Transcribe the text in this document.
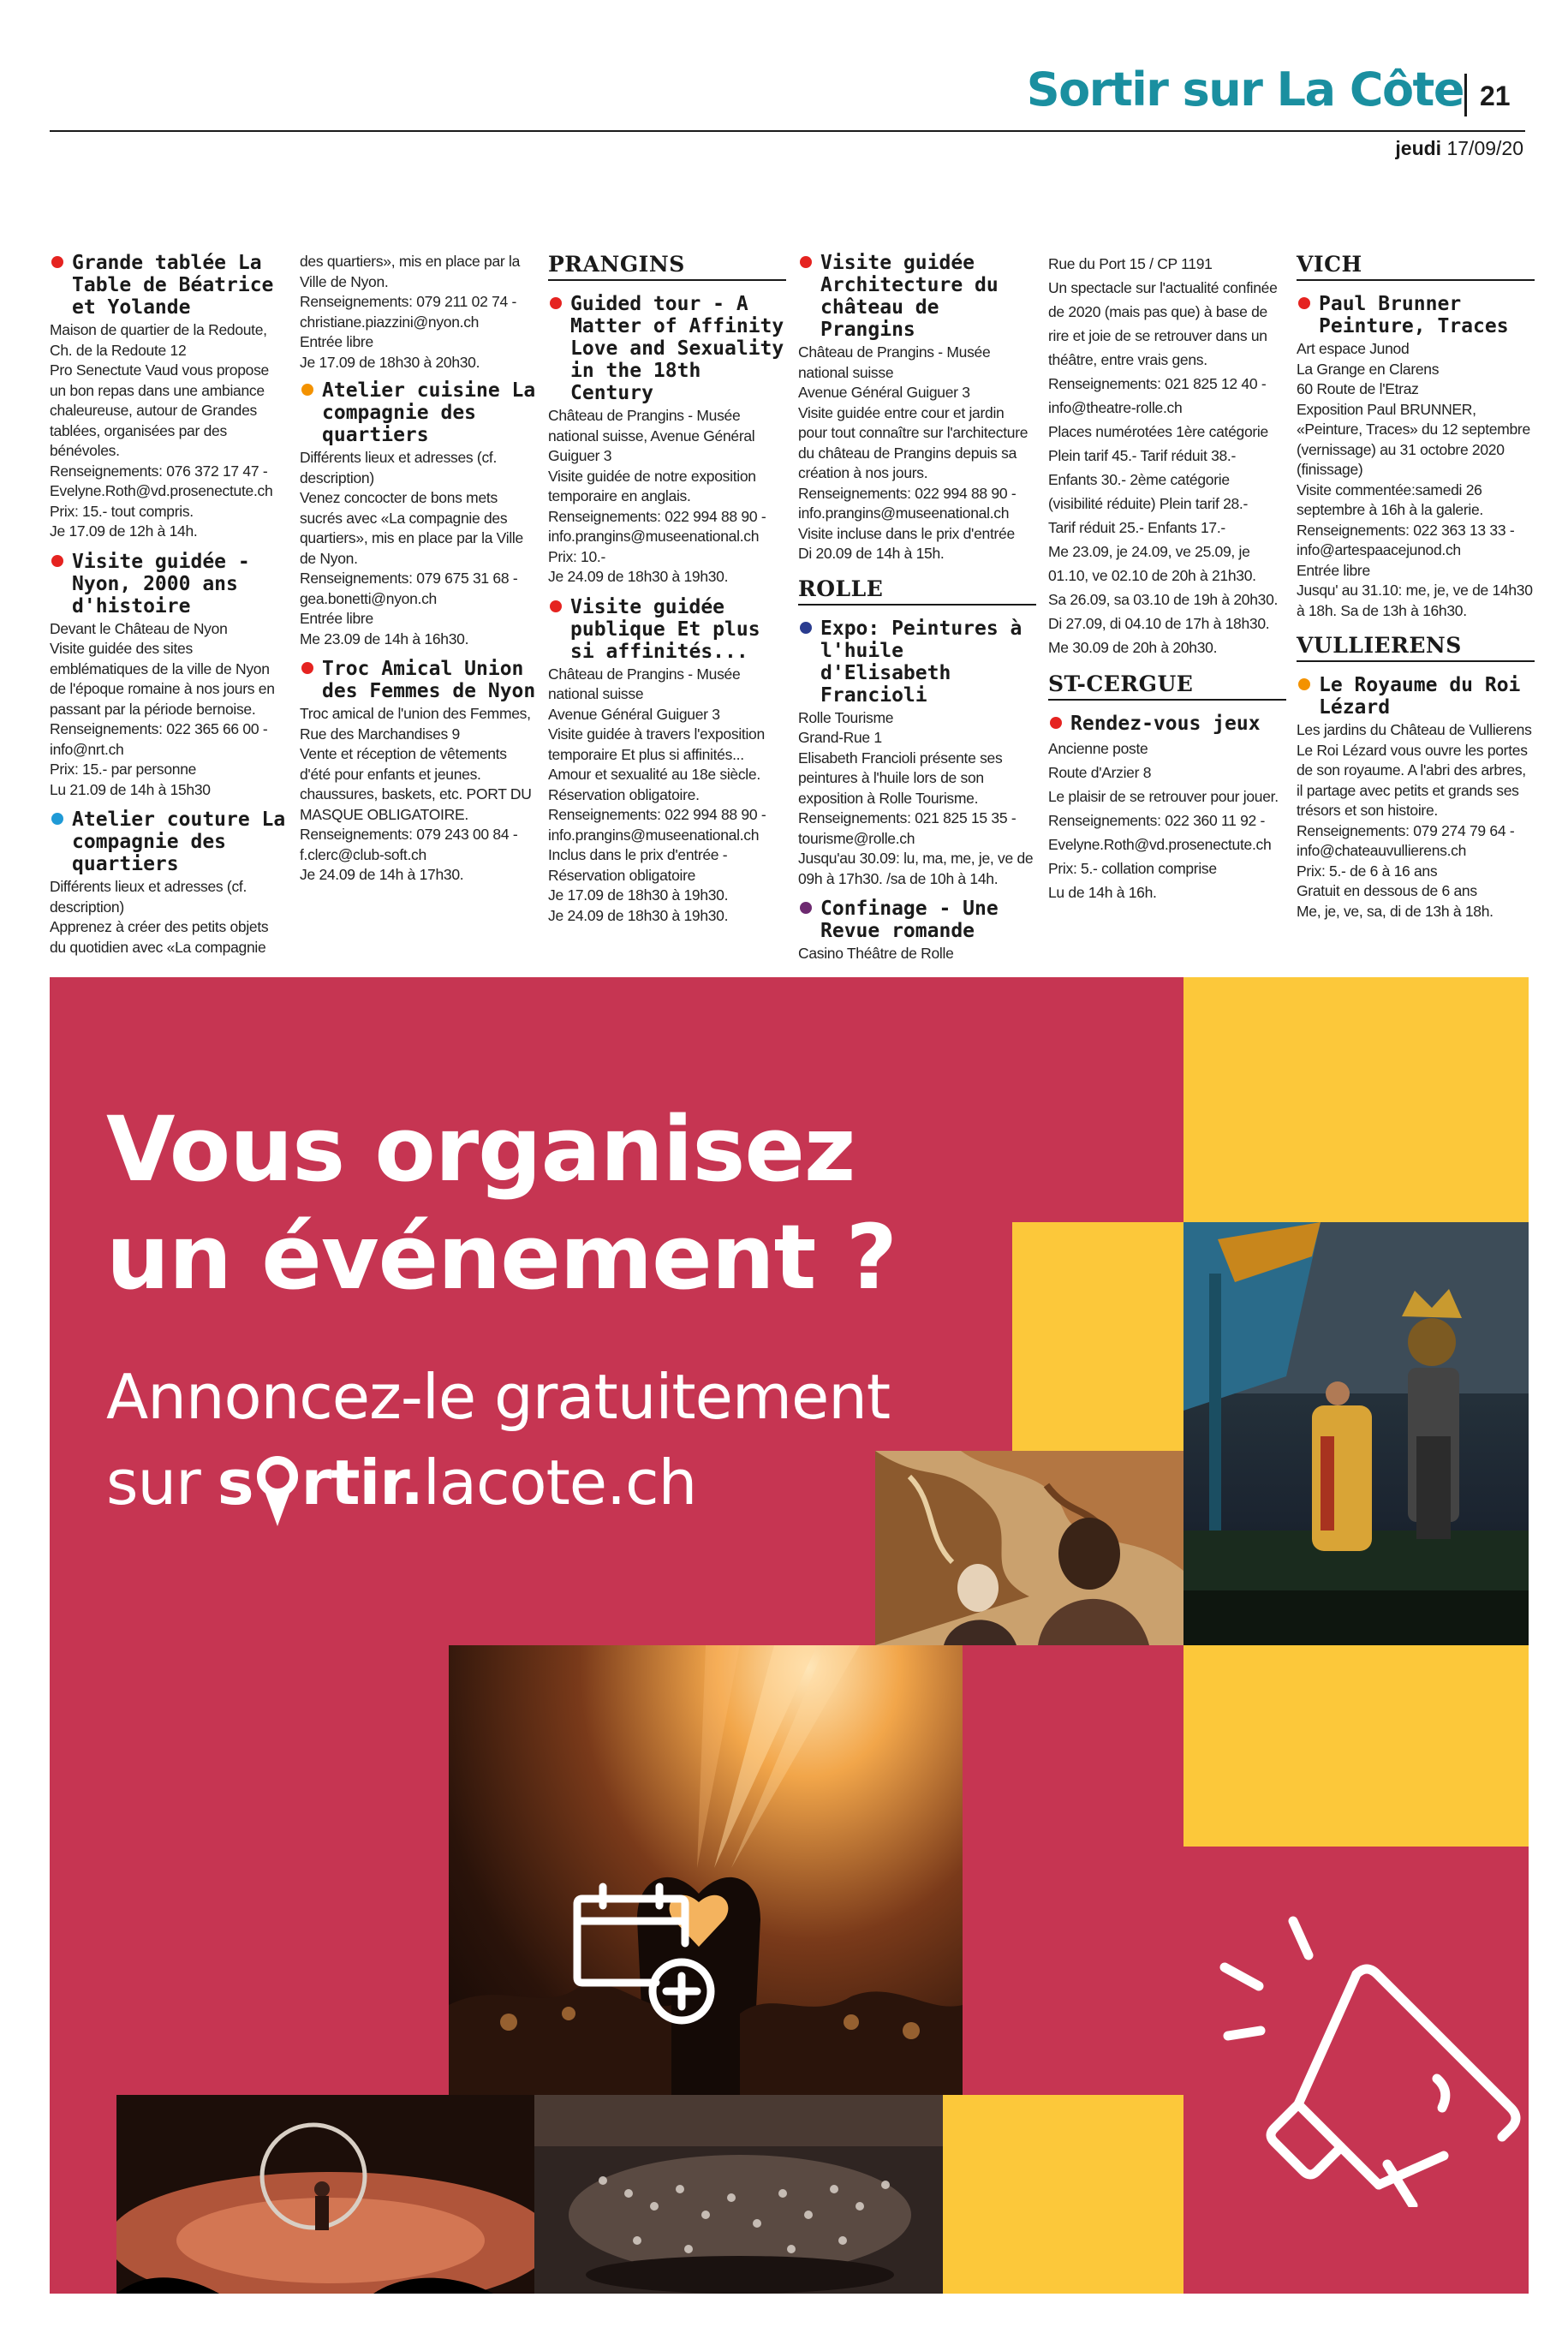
Sortir sur La Côte 21
jeudi 17/09/20
Grande tablée La Table de Béatrice et Yolande
Maison de quartier de la Redoute, Ch. de la Redoute 12
Pro Senectute Vaud vous propose un bon repas dans une ambiance chaleureuse, autour de Grandes tablées, organisées par des bénévoles.
Renseignements: 076 372 17 47 - Evelyne.Roth@vd.prosenectute.ch
Prix: 15.- tout compris.
Je 17.09 de 12h à 14h.
Visite guidée - Nyon, 2000 ans d'histoire
Devant le Château de Nyon
Visite guidée des sites emblématiques de la ville de Nyon de l'époque romaine à nos jours en passant par la période bernoise.
Renseignements: 022 365 66 00 - info@nrt.ch
Prix: 15.- par personne
Lu 21.09 de 14h à 15h30
Atelier couture La compagnie des quartiers
Différents lieux et adresses (cf. description)
Apprenez à créer des petits objets du quotidien avec «La compagnie
des quartiers», mis en place par la Ville de Nyon.
Renseignements: 079 211 02 74 - christiane.piazzini@nyon.ch
Entrée libre
Je 17.09 de 18h30 à 20h30.
Atelier cuisine La compagnie des quartiers
Différents lieux et adresses (cf. description)
Venez concocter de bons mets sucrés avec «La compagnie des quartiers», mis en place par la Ville de Nyon.
Renseignements: 079 675 31 68 - gea.bonetti@nyon.ch
Entrée libre
Me 23.09 de 14h à 16h30.
Troc Amical Union des Femmes de Nyon
Troc amical de l'union des Femmes, Rue des Marchandises 9
Vente et réception de vêtements d'été pour enfants et jeunes. chaussures, baskets, etc. PORT DU MASQUE OBLIGATOIRE.
Renseignements: 079 243 00 84 - f.clerc@club-soft.ch
Je 24.09 de 14h à 17h30.
PRANGINS
Guided tour - A Matter of Affinity Love and Sexuality in the 18th Century
Château de Prangins - Musée national suisse, Avenue Général Guiguer 3
Visite guidée de notre exposition temporaire en anglais.
Renseignements: 022 994 88 90 - info.prangins@museenational.ch
Prix: 10.-
Je 24.09 de 18h30 à 19h30.
Visite guidée publique Et plus si affinités...
Château de Prangins - Musée national suisse
Avenue Général Guiguer 3
Visite guidée à travers l'exposition temporaire Et plus si affinités... Amour et sexualité au 18e siècle. Réservation obligatoire.
Renseignements: 022 994 88 90 - info.prangins@museenational.ch
Inclus dans le prix d'entrée - Réservation obligatoire
Je 17.09 de 18h30 à 19h30.
Je 24.09 de 18h30 à 19h30.
Visite guidée Architecture du château de Prangins
Château de Prangins - Musée national suisse
Avenue Général Guiguer 3
Visite guidée entre cour et jardin pour tout connaître sur l'architecture du château de Prangins depuis sa création à nos jours.
Renseignements: 022 994 88 90 - info.prangins@museenational.ch
Visite incluse dans le prix d'entrée
Di 20.09 de 14h à 15h.
ROLLE
Expo: Peintures à l'huile d'Elisabeth Francioli
Rolle Tourisme
Grand-Rue 1
Elisabeth Francioli présente ses peintures à l'huile lors de son exposition à Rolle Tourisme.
Renseignements: 021 825 15 35 - tourisme@rolle.ch
Jusqu'au 30.09: lu, ma, me, je, ve de 09h à 17h30. /sa de 10h à 14h.
Confinage - Une Revue romande
Casino Théâtre de Rolle
Rue du Port 15 / CP 1191
Un spectacle sur l'actualité confinée de 2020 (mais pas que) à base de rire et joie de se retrouver dans un théâtre, entre vrais gens.
Renseignements: 021 825 12 40 - info@theatre-rolle.ch
Places numérotées 1ère catégorie
Plein tarif 45.- Tarif réduit 38.-
Enfants 30.- 2ème catégorie (visibilité réduite) Plein tarif 28.-
Tarif réduit 25.- Enfants 17.-
Me 23.09, je 24.09, ve 25.09, je 01.10, ve 02.10 de 20h à 21h30.
Sa 26.09, sa 03.10 de 19h à 20h30.
Di 27.09, di 04.10 de 17h à 18h30.
Me 30.09 de 20h à 20h30.
ST-CERGUE
Rendez-vous jeux
Ancienne poste
Route d'Arzier 8
Le plaisir de se retrouver pour jouer.
Renseignements: 022 360 11 92 - Evelyne.Roth@vd.prosenectute.ch
Prix: 5.- collation comprise
Lu de 14h à 16h.
VICH
Paul Brunner Peinture, Traces
Art espace Junod
La Grange en Clarens
60 Route de l'Etraz
Exposition Paul BRUNNER, «Peinture, Traces» du 12 septembre (vernissage) au 31 octobre 2020 (finissage)
Visite commentée:samedi 26 septembre à 16h à la galerie.
Renseignements: 022 363 13 33 - info@artespaacejunod.ch
Entrée libre
Jusqu' au 31.10: me, je, ve de 14h30 à 18h. Sa de 13h à 16h30.
VULLIERENS
Le Royaume du Roi Lézard
Les jardins du Château de Vullierens
Le Roi Lézard vous ouvre les portes de son royaume. A l'abri des arbres, il partage avec petits et grands ses trésors et son histoire.
Renseignements: 079 274 79 64 - info@chateauvullierens.ch
Prix: 5.- de 6 à 16 ans
Gratuit en dessous de 6 ans
Me, je, ve, sa, di de 13h à 18h.
Vous organisez
un événement ?
Annoncez-le gratuitement
sur s rtir. lacote.ch
